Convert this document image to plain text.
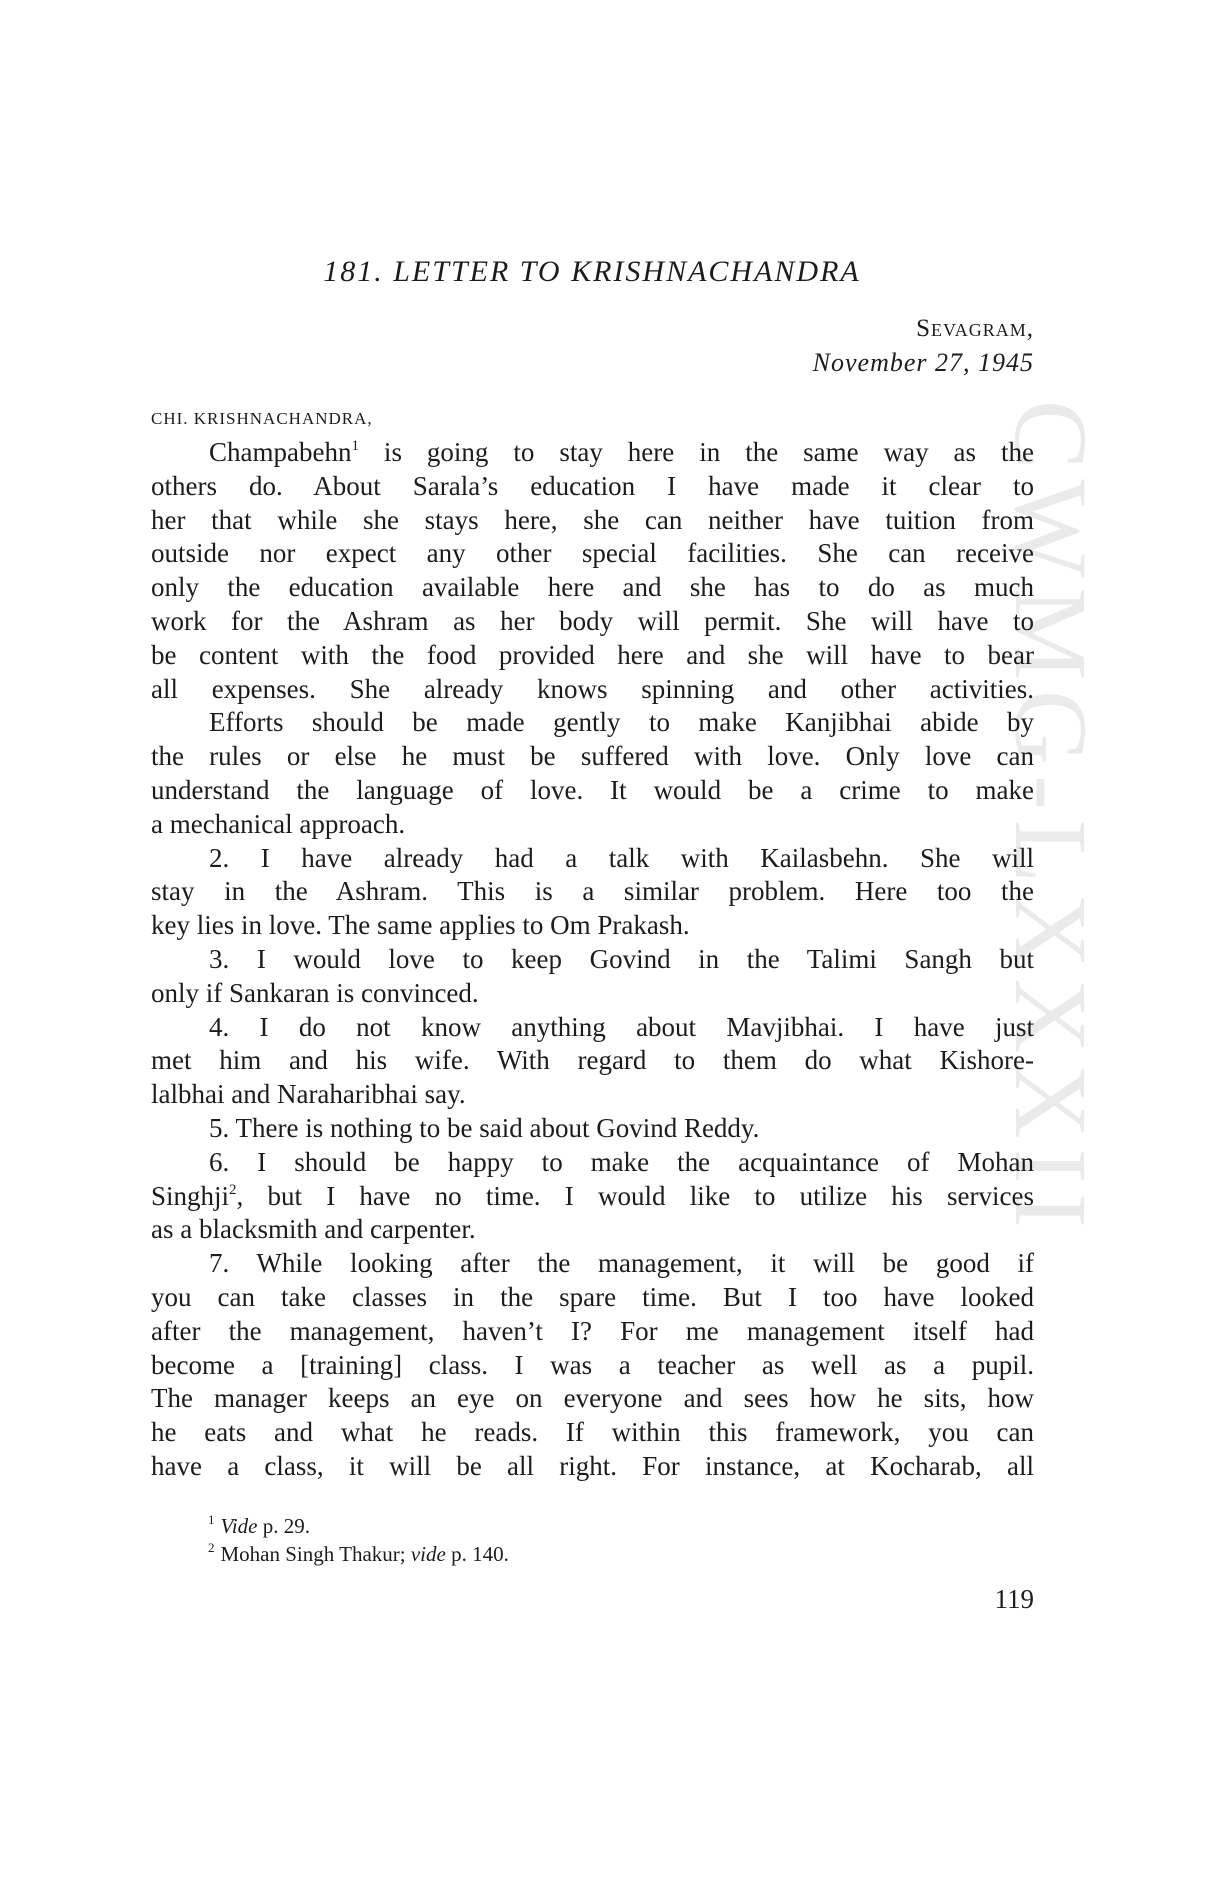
CWMG-LXXXII
181. LETTER TO KRISHNACHANDRA
Sevagram,
November 27, 1945
CHI. KRISHNACHANDRA,
Champabehn$^1$ is going to stay here in the same way as the
others do. About Sarala’s education I have made it clear to
her that while she stays here, she can neither have tuition from
outside nor expect any other special facilities. She can receive
only the education available here and she has to do as much
work for the Ashram as her body will permit. She will have to
be content with the food provided here and she will have to bear
all expenses. She already knows spinning and other activities.
Efforts should be made gently to make Kanjibhai abide by
the rules or else he must be suffered with love. Only love can
understand the language of love. It would be a crime to make
a mechanical approach.
2. I have already had a talk with Kailasbehn. She will
stay in the Ashram. This is a similar problem. Here too the
key lies in love. The same applies to Om Prakash.
3. I would love to keep Govind in the Talimi Sangh but
only if Sankaran is convinced.
4. I do not know anything about Mavjibhai. I have just
met him and his wife. With regard to them do what Kishore-
lalbhai and Naraharibhai say.
5. There is nothing to be said about Govind Reddy.
6. I should be happy to make the acquaintance of Mohan
Singhji$^2$, but I have no time. I would like to utilize his services
as a blacksmith and carpenter.
7. While looking after the management, it will be good if
you can take classes in the spare time. But I too have looked
after the management, haven’t I? For me management itself had
become a [training] class. I was a teacher as well as a pupil.
The manager keeps an eye on everyone and sees how he sits, how
he eats and what he reads. If within this framework, you can
have a class, it will be all right. For instance, at Kocharab, all
$^1$ Vide p. 29.
$^2$ Mohan Singh Thakur; vide p. 140.
119
